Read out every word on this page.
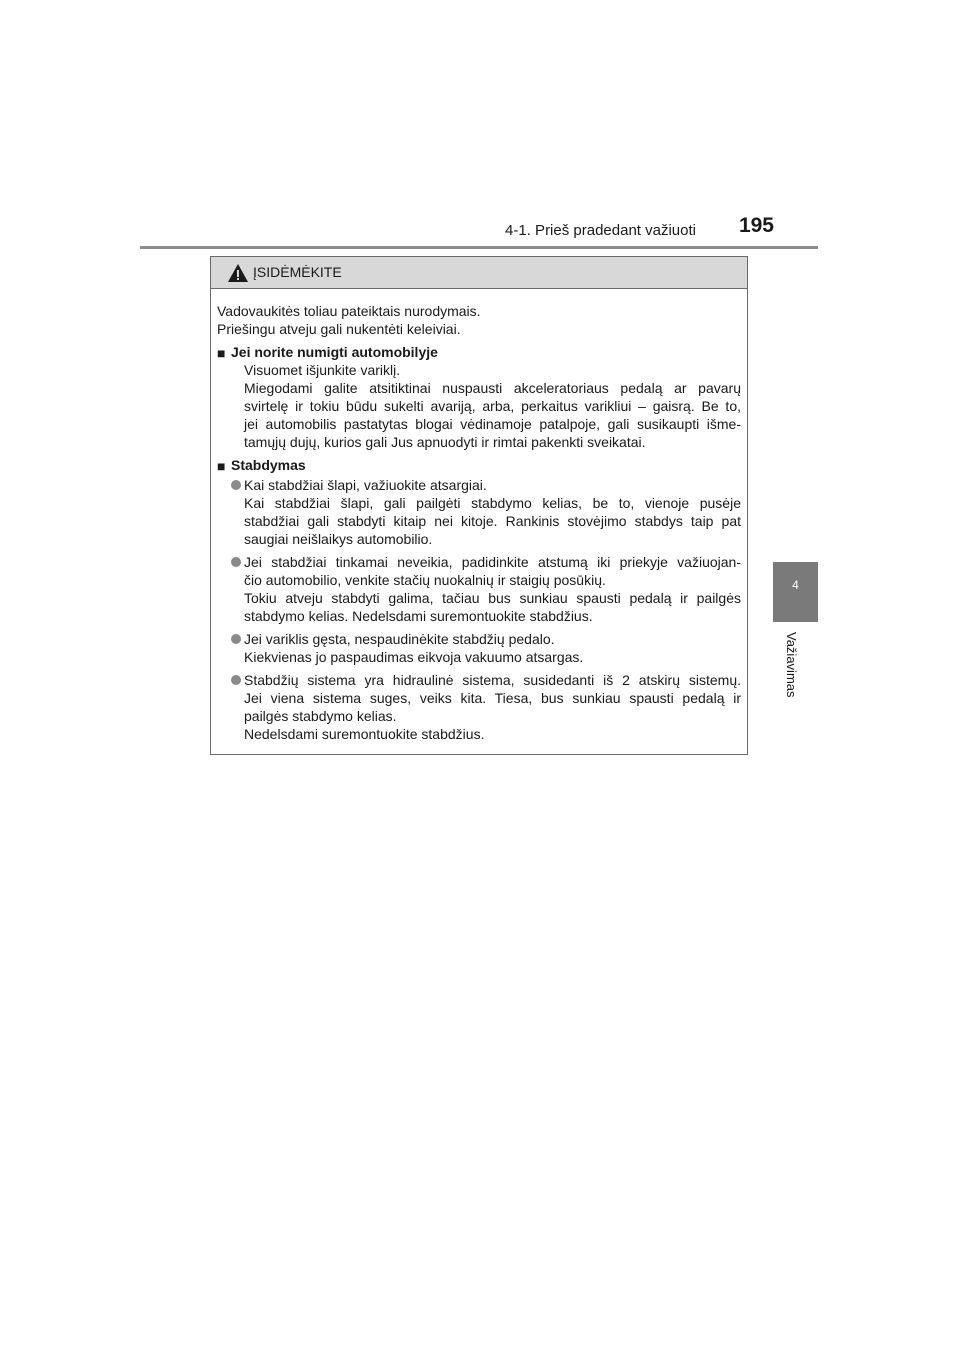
4-1. Prieš pradedant važiuoti 195
4
Važiavimas
ĮSIDĖMĖKITE
Vadovaukitės toliau pateiktais nurodymais.
Priešingu atveju gali nukentėti keleiviai.
■ Jei norite numigti automobilyje
Visuomet išjunkite variklį.
Miegodami galite atsitiktinai nuspausti akceleratoriaus pedalą ar pavarų
svirtelę ir tokiu būdu sukelti avariją, arba, perkaitus varikliui – gaisrą. Be to,
jei automobilis pastatytas blogai vėdinamoje patalpoje, gali susikaupti išme-
tamųjų dujų, kurios gali Jus apnuodyti ir rimtai pakenkti sveikatai.
■ Stabdymas
Kai stabdžiai šlapi, važiuokite atsargiai.
Kai stabdžiai šlapi, gali pailgėti stabdymo kelias, be to, vienoje pusėje
stabdžiai gali stabdyti kitaip nei kitoje. Rankinis stovėjimo stabdys taip pat
saugiai neišlaikys automobilio.
Jei stabdžiai tinkamai neveikia, padidinkite atstumą iki priekyje važiuojan-
čio automobilio, venkite stačių nuokalnių ir staigių posūkių.
Tokiu atveju stabdyti galima, tačiau bus sunkiau spausti pedalą ir pailgės
stabdymo kelias. Nedelsdami suremontuokite stabdžius.
Jei variklis gęsta, nespaudinėkite stabdžių pedalo.
Kiekvienas jo paspaudimas eikvoja vakuumo atsargas.
Stabdžių sistema yra hidraulinė sistema, susidedanti iš 2 atskirų sistemų.
Jei viena sistema suges, veiks kita. Tiesa, bus sunkiau spausti pedalą ir
pailgės stabdymo kelias.
Nedelsdami suremontuokite stabdžius.
